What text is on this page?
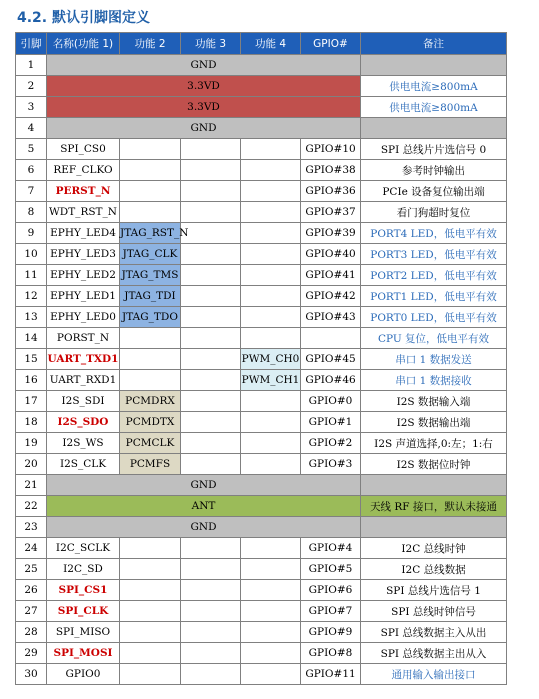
4.2. 默认引脚图定义
引脚	名称(功能 1)	功能 2	功能 3	功能 4	GPIO#	备注
1	GND					
2	3.3VD					供电电流≥800mA
3	3.3VD					供电电流≥800mA
4	GND					
5	SPI_CS0				GPIO#10	SPI 总线片片选信号 0
6	REF_CLKO				GPIO#38	参考时钟输出
7	PERST_N				GPIO#36	PCIe 设备复位输出端
8	WDT_RST_N				GPIO#37	看门狗超时复位
9	EPHY_LED4	JTAG_RST_N			GPIO#39	PORT4 LED，低电平有效
10	EPHY_LED3	JTAG_CLK			GPIO#40	PORT3 LED，低电平有效
11	EPHY_LED2	JTAG_TMS			GPIO#41	PORT2 LED，低电平有效
12	EPHY_LED1	JTAG_TDI			GPIO#42	PORT1 LED，低电平有效
13	EPHY_LED0	JTAG_TDO			GPIO#43	PORT0 LED，低电平有效
14	PORST_N					CPU 复位，低电平有效
15	UART_TXD1			PWM_CH0	GPIO#45	串口 1 数据发送
16	UART_RXD1			PWM_CH1	GPIO#46	串口 1 数据接收
17	I2S_SDI	PCMDRX			GPIO#0	I2S 数据输入端
18	I2S_SDO	PCMDTX			GPIO#1	I2S 数据输出端
19	I2S_WS	PCMCLK			GPIO#2	I2S 声道选择,0:左；1:右
20	I2S_CLK	PCMFS			GPIO#3	I2S 数据位时钟
21	GND					
22	ANT					天线 RF 接口，默认未接通
23	GND					
24	I2C_SCLK				GPIO#4	I2C 总线时钟
25	I2C_SD				GPIO#5	I2C 总线数据
26	SPI_CS1				GPIO#6	SPI 总线片选信号 1
27	SPI_CLK				GPIO#7	SPI 总线时钟信号
28	SPI_MISO				GPIO#9	SPI 总线数据主入从出
29	SPI_MOSI				GPIO#8	SPI 总线数据主出从入
30	GPIO0				GPIO#11	通用输入输出接口
